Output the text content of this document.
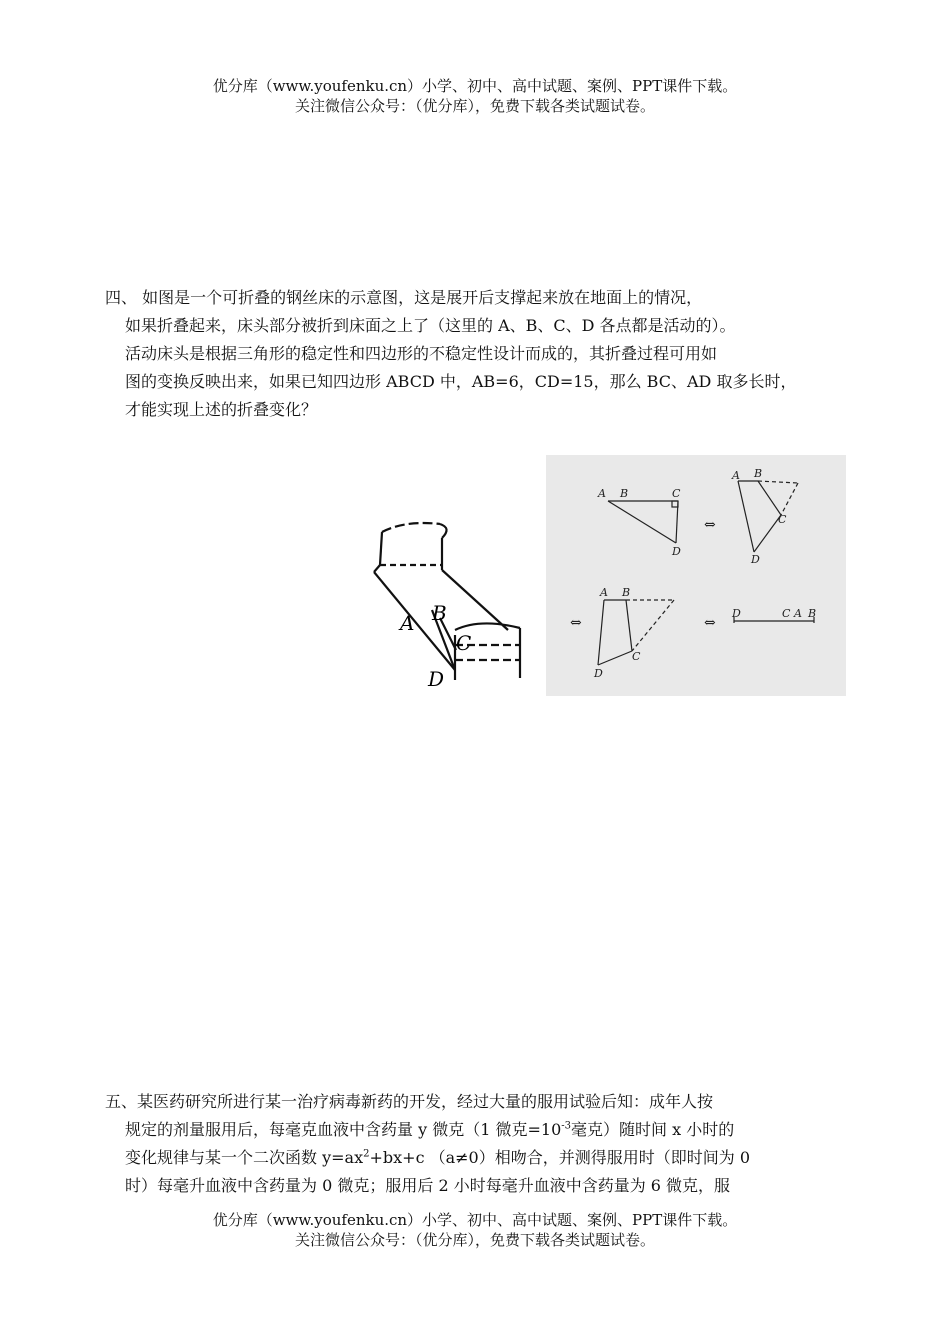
优分库（www.youfenku.cn）小学、初中、高中试题、案例、PPT课件下载。
关注微信公众号：（优分库），免费下载各类试题试卷。

四、 如图是一个可折叠的钢丝床的示意图，这是展开后支撑起来放在地面上的情况，

如果折叠起来，床头部分被折到床面之上了（这里的 A、B、C、D 各点都是活动的）。

活动床头是根据三角形的稳定性和四边形的不稳定性设计而成的，其折叠过程可用如

图的变换反映出来，如果已知四边形 ABCD 中，AB=6，CD=15，那么 BC、AD 取多长时，

才能实现上述的折叠变化？

A B
C
D
A B	C
D
A B
C
D
A B
C
D
D	C A B
⇔
⇔	⇔

五、某医药研究所进行某一治疗病毒新药的开发，经过大量的服用试验后知：成年人按

规定的剂量服用后，每毫克血液中含药量 y 微克（1 微克$=10^{-3}$毫克）随时间 x 小时的

变化规律与某一个二次函数 $y=ax^2+bx+c$ （a≠0）相吻合，并测得服用时（即时间为 0

时）每毫升血液中含药量为 0 微克；服用后 2 小时每毫升血液中含药量为 6 微克，服

优分库（www.youfenku.cn）小学、初中、高中试题、案例、PPT课件下载。
关注微信公众号：（优分库），免费下载各类试题试卷。
